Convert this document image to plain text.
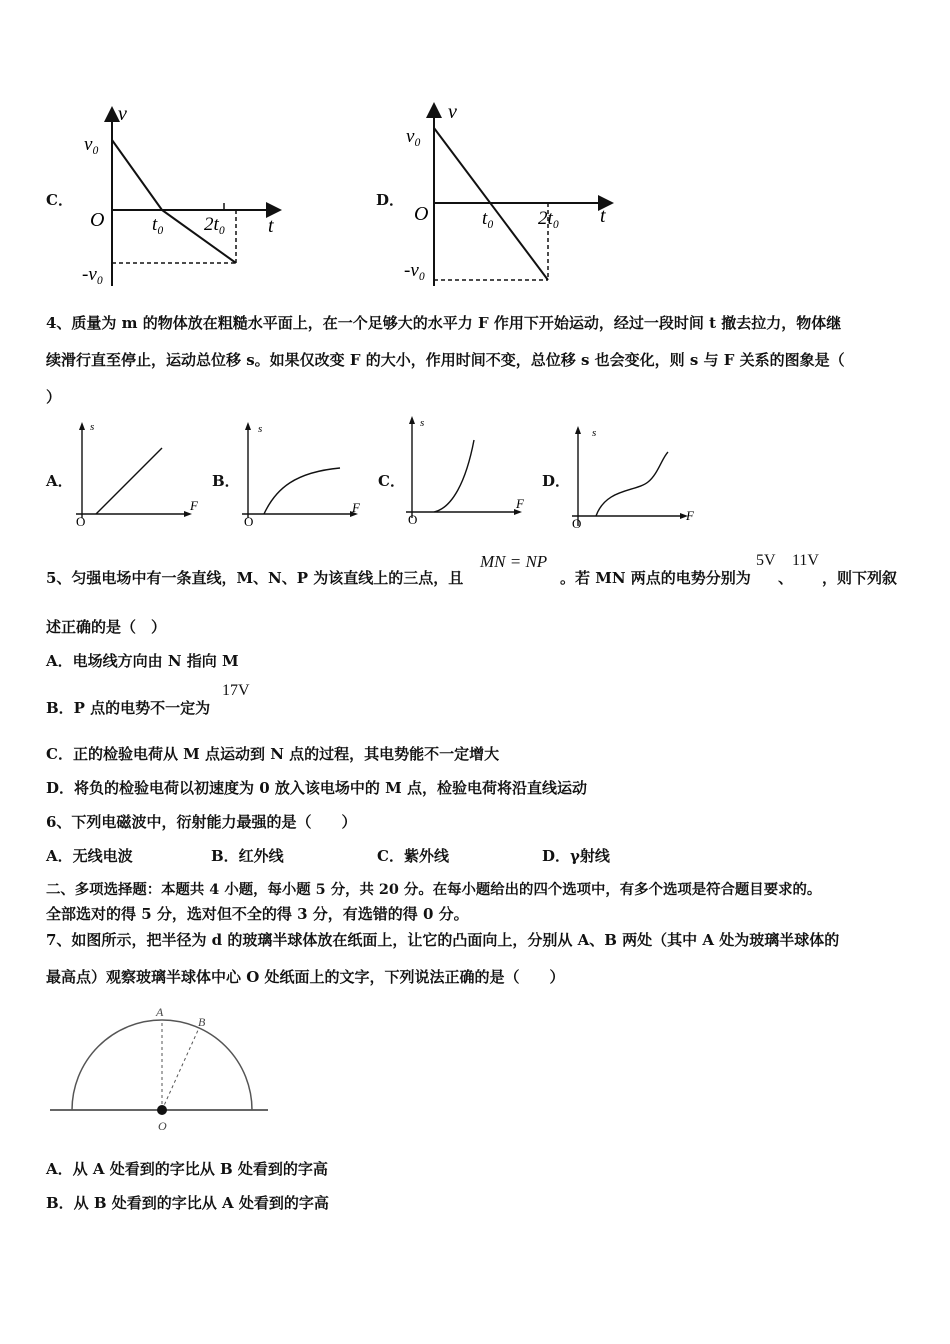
C．
v
v₀
O	t₀ 2t₀ t
-v₀
D．
v
v₀
O	t₀ 2t₀ t
-v₀
4、质量为 m 的物体放在粗糙水平面上，在一个足够大的水平力 F 作用下开始运动，经过一段时间 t 撤去拉力，物体继
续滑行直至停止，运动总位移 s。如果仅改变 F 的大小，作用时间不变，总位移 s 也会变化，则 s 与 F 关系的图象是（
）
A．
s
F
O
B．
s
F
O
C．
s
F
O
D．
s
F
O
5、匀强电场中有一条直线，M、N、P 为该直线上的三点，且
MN = NP
。若 MN 两点的电势分别为
5V
、
11V
，则下列叙
述正确的是（　）
A．电场线方向由 N 指向 M
B．P 点的电势不一定为
17V
C．正的检验电荷从 M 点运动到 N 点的过程，其电势能不一定增大
D．将负的检验电荷以初速度为 0 放入该电场中的 M 点，检验电荷将沿直线运动
6、下列电磁波中，衍射能力最强的是（　　）
A．无线电波	B．红外线	C．紫外线	D．γ射线
二、多项选择题：本题共 4 小题，每小题 5 分，共 20 分。在每小题给出的四个选项中，有多个选项是符合题目要求的。
全部选对的得 5 分，选对但不全的得 3 分，有选错的得 0 分。
7、如图所示，把半径为 d 的玻璃半球体放在纸面上，让它的凸面向上，分别从 A、B 两处（其中 A 处为玻璃半球体的
最高点）观察玻璃半球体中心 O 处纸面上的文字，下列说法正确的是（　　）
A
B
O
A．从 A 处看到的字比从 B 处看到的字高
B．从 B 处看到的字比从 A 处看到的字高
